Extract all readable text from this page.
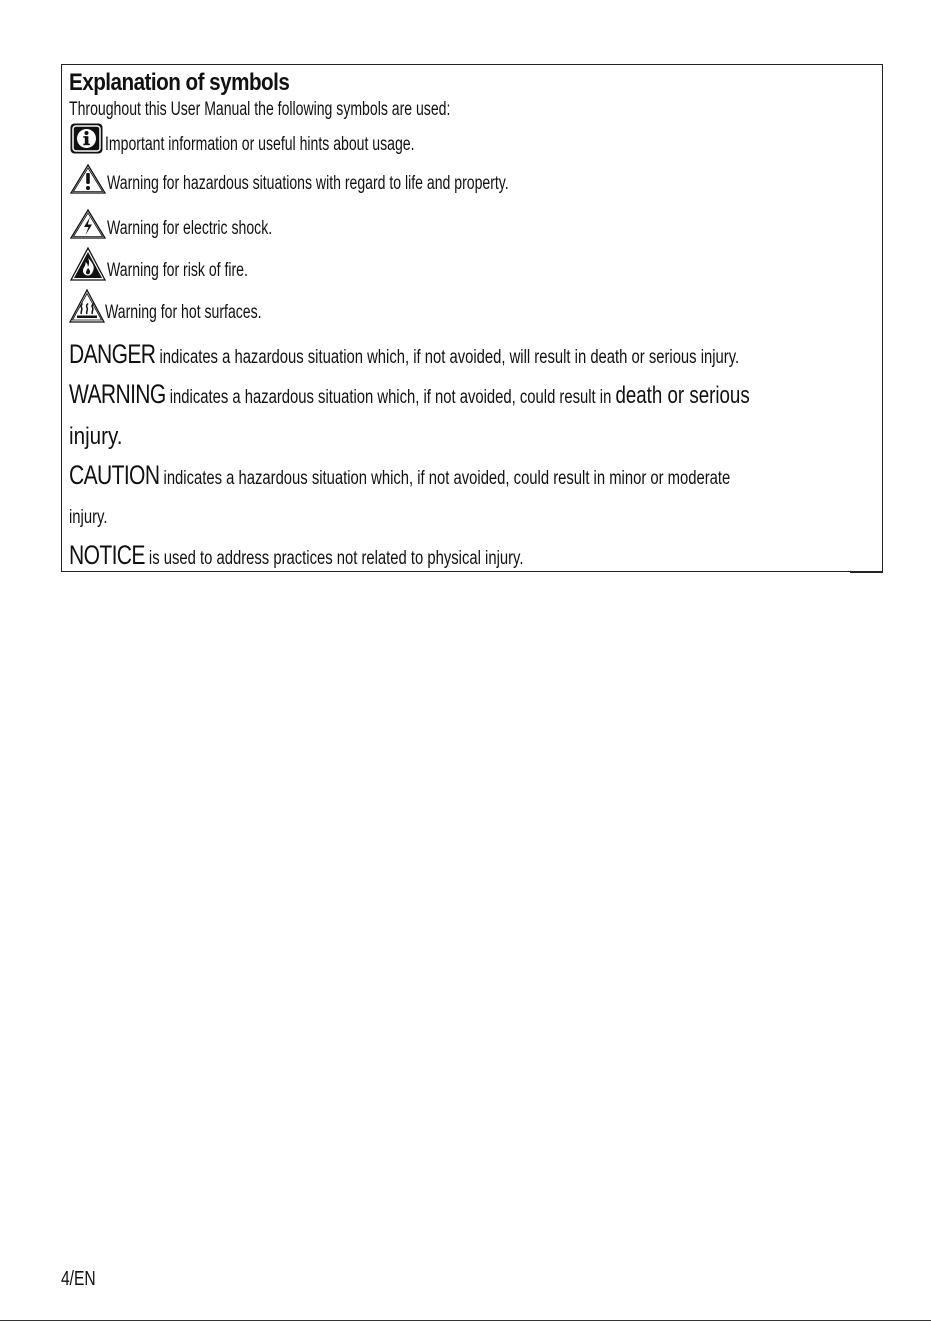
Explanation of symbols
Throughout this User Manual the following symbols are used:
Important information or useful hints about usage.
Warning for hazardous situations with regard to life and property.
Warning for electric shock.
Warning for risk of fire.
Warning for hot surfaces.
DANGER indicates a hazardous situation which, if not avoided, will result in death or serious injury.
WARNING indicates a hazardous situation which, if not avoided, could result in death or serious
injury.
CAUTION indicates a hazardous situation which, if not avoided, could result in minor or moderate
injury.
NOTICE is used to address practices not related to physical injury.
4/EN
